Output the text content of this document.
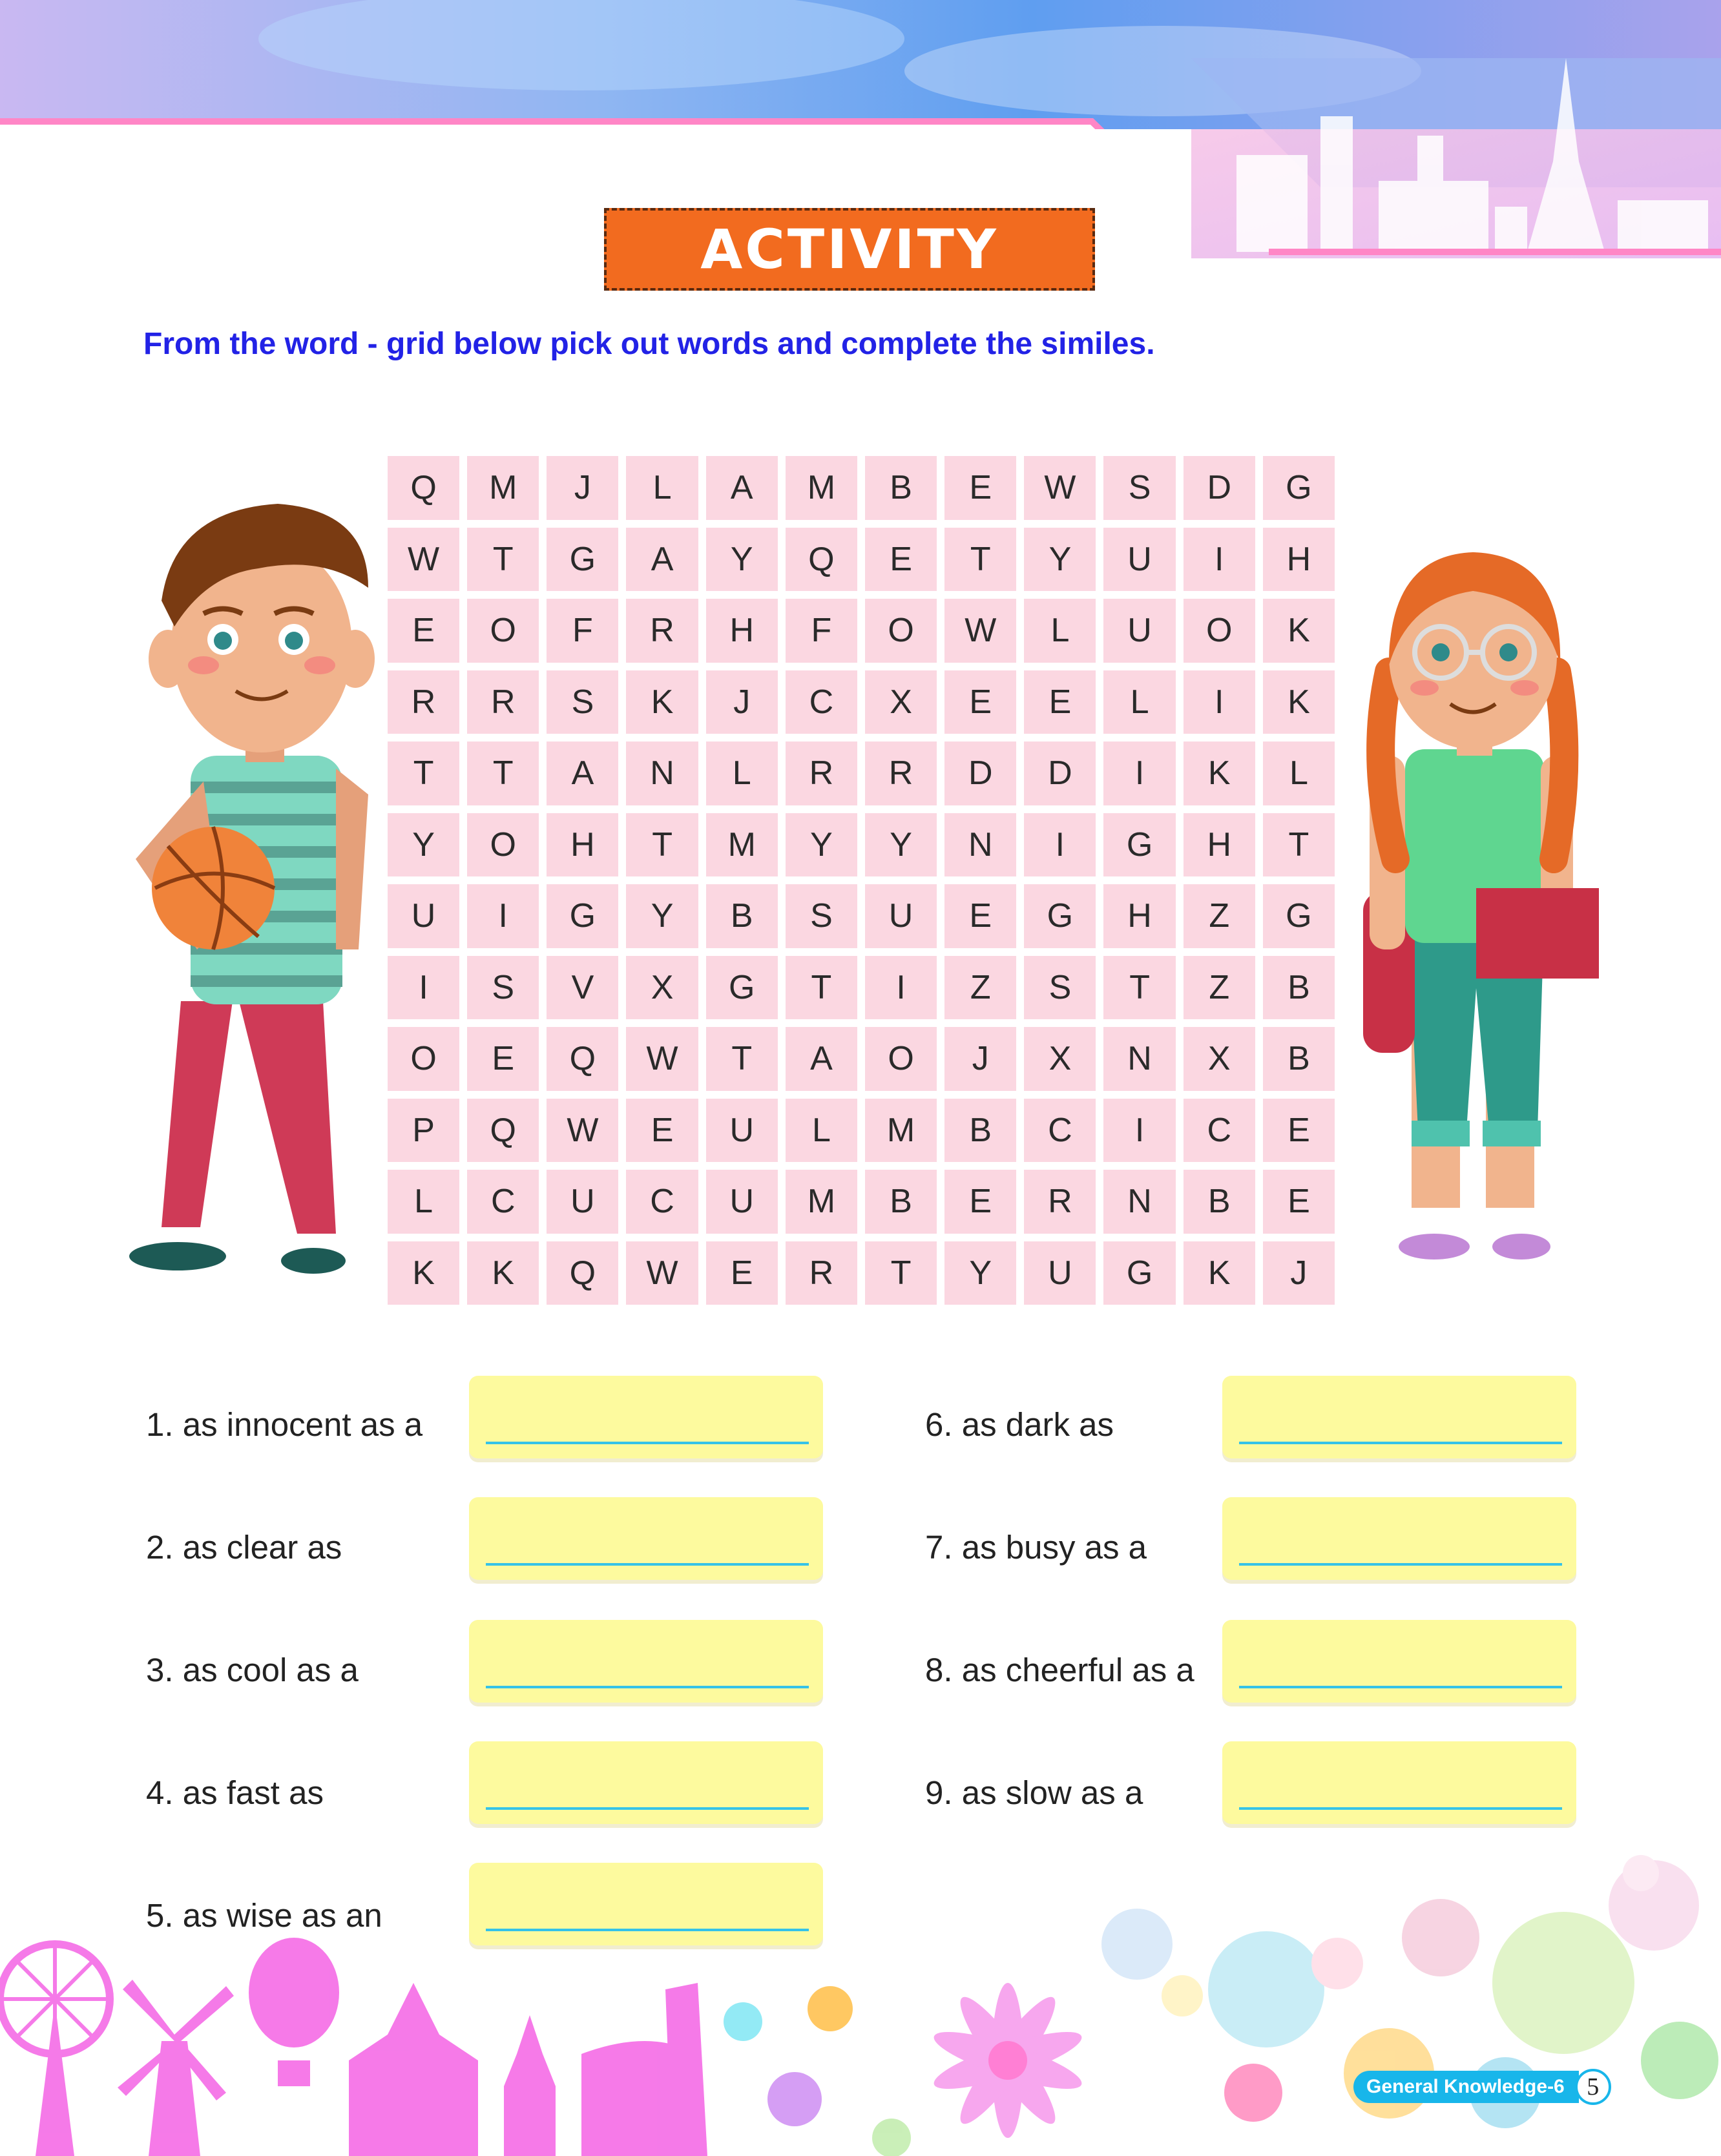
ACTIVITY
From the word - grid below pick out words and complete the similes.
Q	M	J	L	A	M	B	E	W	S	D	G
W	T	G	A	Y	Q	E	T	Y	U	I	H
E	O	F	R	H	F	O	W	L	U	O	K
R	R	S	K	J	C	X	E	E	L	I	K
T	T	A	N	L	R	R	D	D	I	K	L
Y	O	H	T	M	Y	Y	N	I	G	H	T
U	I	G	Y	B	S	U	E	G	H	Z	G
I	S	V	X	G	T	I	Z	S	T	Z	B
O	E	Q	W	T	A	O	J	X	N	X	B
P	Q	W	E	U	L	M	B	C	I	C	E
L	C	U	C	U	M	B	E	R	N	B	E
K	K	Q	W	E	R	T	Y	U	G	K	J
1. as innocent as a
2. as clear as
3. as cool as a
4. as fast as
5. as wise as an
6. as dark as
7. as busy as a
8. as cheerful as a
9. as slow as a
General Knowledge-6 5
